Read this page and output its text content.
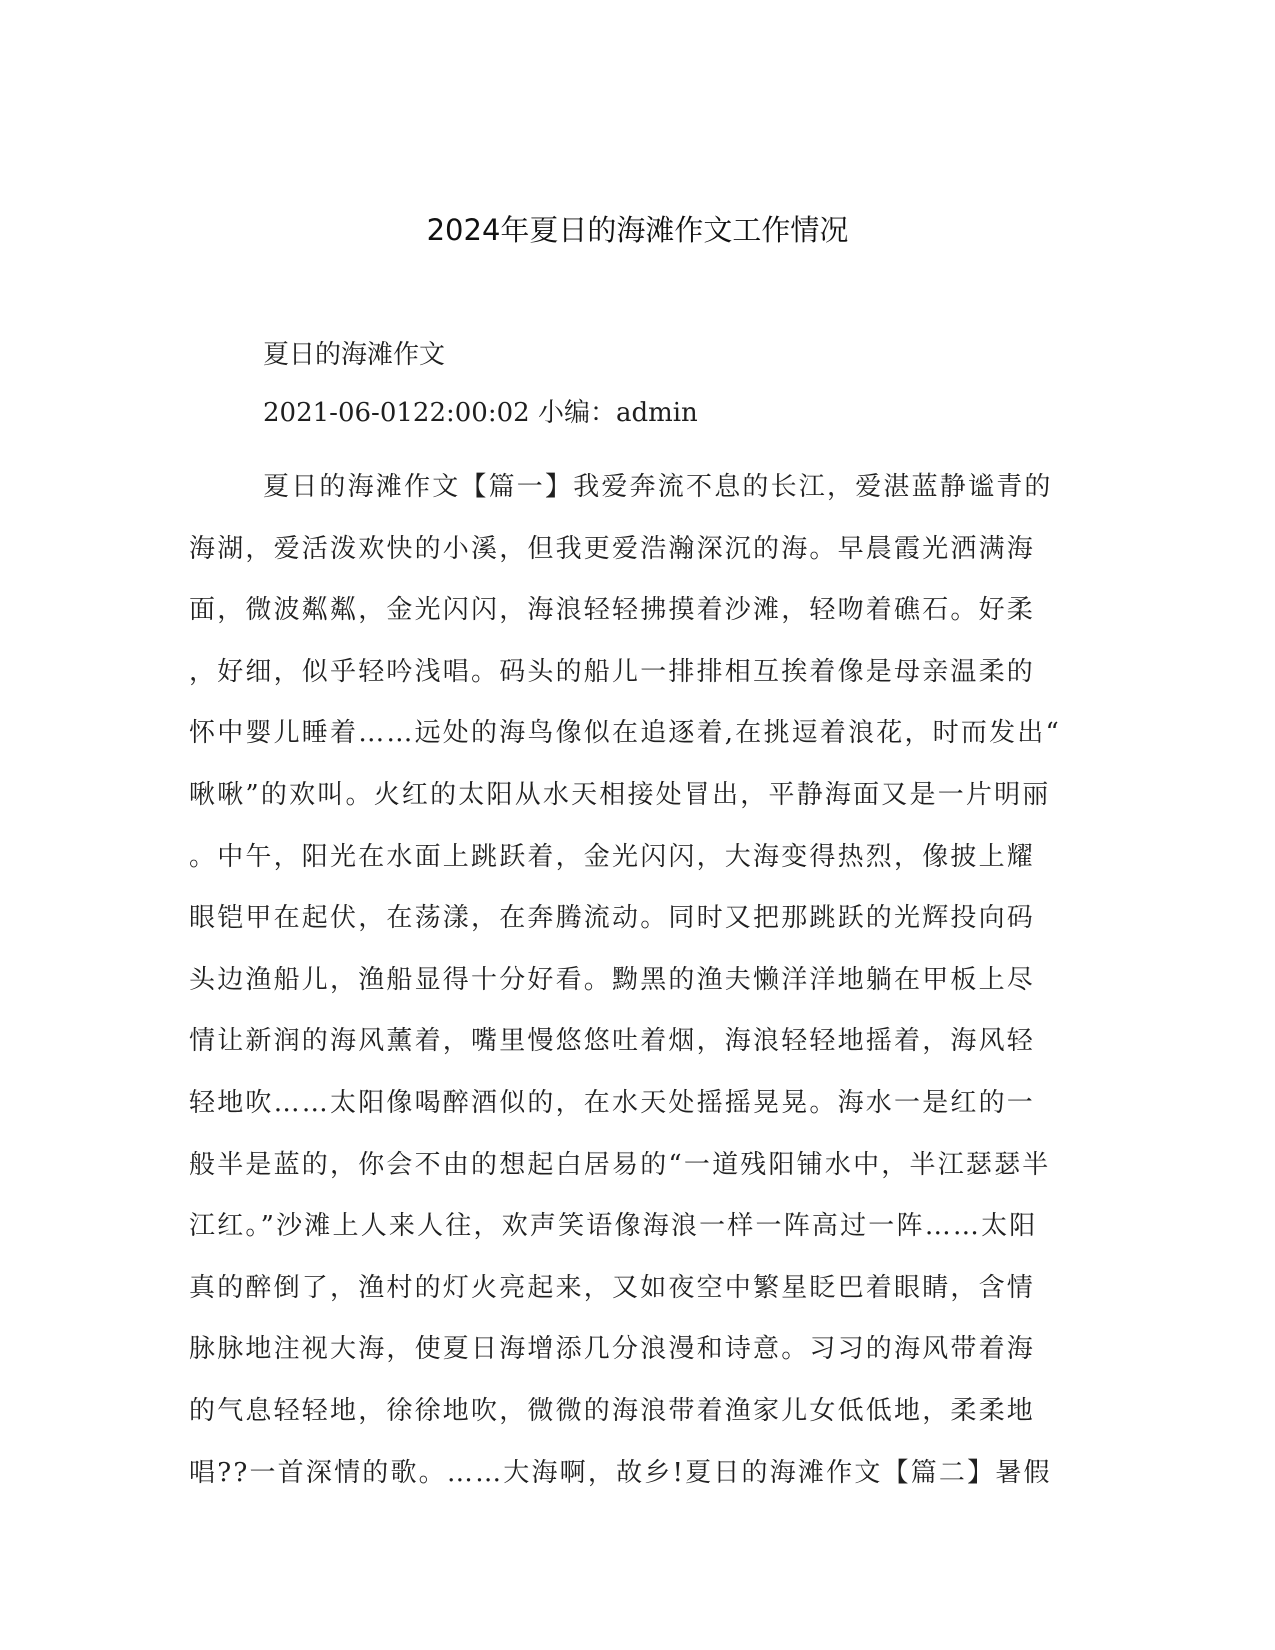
2024年夏日的海滩作文工作情况
夏日的海滩作文
2021-06-0122:00:02 小编：admin
夏日的海滩作文【篇一】我爱奔流不息的长江，爱湛蓝静谧青的
海湖，爱活泼欢快的小溪，但我更爱浩瀚深沉的海。早晨霞光洒满海
面，微波粼粼，金光闪闪，海浪轻轻拂摸着沙滩，轻吻着礁石。好柔
，好细，似乎轻吟浅唱。码头的船儿一排排相互挨着像是母亲温柔的
怀中婴儿睡着……远处的海鸟像似在追逐着,在挑逗着浪花，时而发出“
啾啾”的欢叫。火红的太阳从水天相接处冒出，平静海面又是一片明丽
。中午，阳光在水面上跳跃着，金光闪闪，大海变得热烈，像披上耀
眼铠甲在起伏，在荡漾，在奔腾流动。同时又把那跳跃的光辉投向码
头边渔船儿，渔船显得十分好看。黝黑的渔夫懒洋洋地躺在甲板上尽
情让新润的海风薰着，嘴里慢悠悠吐着烟，海浪轻轻地摇着，海风轻
轻地吹……太阳像喝醉酒似的，在水天处摇摇晃晃。海水一是红的一
般半是蓝的，你会不由的想起白居易的“一道残阳铺水中，半江瑟瑟半
江红。”沙滩上人来人往，欢声笑语像海浪一样一阵高过一阵……太阳
真的醉倒了，渔村的灯火亮起来，又如夜空中繁星眨巴着眼睛，含情
脉脉地注视大海，使夏日海增添几分浪漫和诗意。习习的海风带着海
的气息轻轻地，徐徐地吹，微微的海浪带着渔家儿女低低地，柔柔地
唱??一首深情的歌。……大海啊，故乡!夏日的海滩作文【篇二】暑假
